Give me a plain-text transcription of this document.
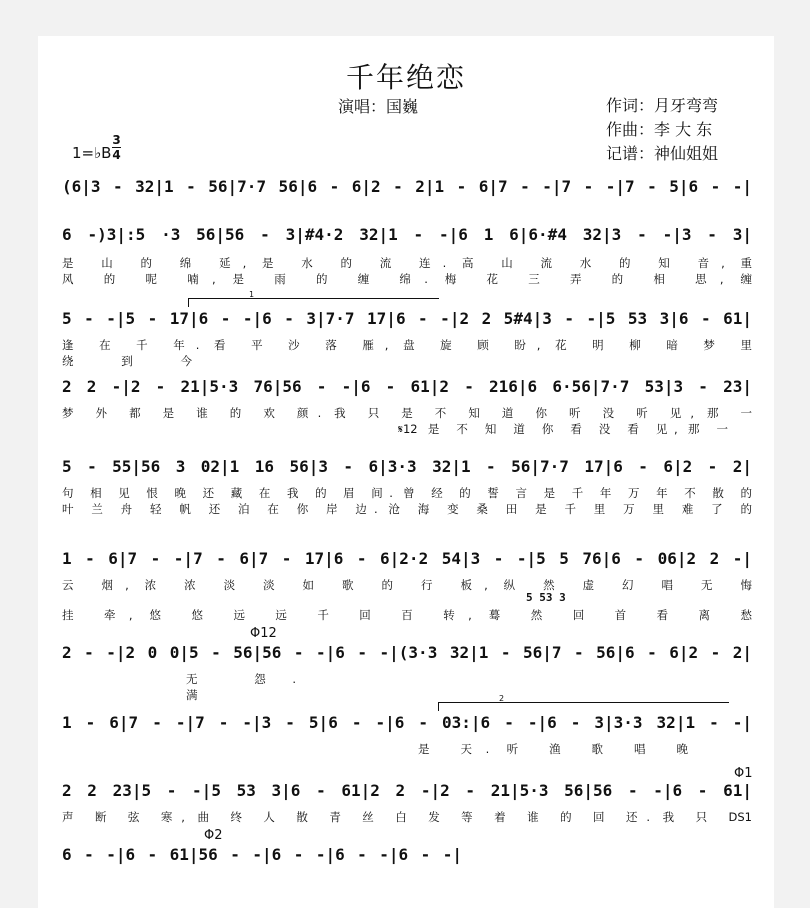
千年绝恋
演唱：国巍	作词：月牙弯弯
作曲：李 大 东
记谱：神仙姐姐
1=♭B
3
4
(6|3 - 32|1 - 56|7·7 56|6 - 6|2 - 2|1 - 6|7 - -|7 - -|7 - 5|6 - -|
6 -)3|:5 ·3 56|56 - 3|#4·2 32|1 - -|6 1 6|6·#4 32|3 - -|3 - 3|
是 山 的 绵 延, 是 水 的 流 连. 高 山 流 水 的 知 音, 重
风 的 呢 喃, 是 雨 的 缠 绵. 梅 花 三 弄 的 相 思, 缠
1
5 - -|5 - 17|6 - -|6 - 3|7·7 17|6 - -|2 2 5#4|3 - -|5 53 3|6 - 61|
逢 在 千 年. 看 平 沙 落 雁, 盘 旋 顾 盼, 花 明 柳 暗 梦 里
绕 到 今
2 2 -|2 - 21|5·3 76|56 - -|6 - 61|2 - 216|6 6·56|7·7 53|3 - 23|
梦 外 都 是 谁 的 欢 颜. 我 只 是 不 知 道 你 听 没 听 见, 那 一
𝄋12 是 不 知 道 你 看 没 看 见, 那 一
5 - 55|56 3 02|1 16 56|3 - 6|3·3 32|1 - 56|7·7 17|6 - 6|2 - 2|
句 相 见 恨 晚 还 藏 在 我 的 眉 间. 曾 经 的 誓 言 是 千 年 万 年 不 散 的
叶 兰 舟 轻 帆 还 泊 在 你 岸 边. 沧 海 变 桑 田 是 千 里 万 里 难 了 的
1 - 6|7 - -|7 - 6|7 - 17|6 - 6|2·2 54|3 - -|5 5 76|6 - 06|2 2 -|
云 烟, 浓 浓 淡 淡 如 歌 的 行 板, 纵 然 虚 幻 唱 无 悔
5 53 3
挂 牵, 悠 悠 远 远 千 回 百 转, 蓦 然 回 首 看 离 愁
Φ12
2 - -|2 0 0|5 - 56|56 - -|6 - -|(3·3 32|1 - 56|7 - 56|6 - 6|2 - 2|
无 怨.
满	2
1 - 6|7 - -|7 - -|3 - 5|6 - -|6 - 03:|6 - -|6 - 3|3·3 32|1 - -|
是 天. 听 渔 歌 唱 晚
Φ1
2 2 23|5 - -|5 53 3|6 - 61|2 2 -|2 - 21|5·3 56|56 - -|6 - 61|
声 断 弦 寒, 曲 终 人 散 青 丝 白 发 等 着 谁 的 回 还. 我 只 DS1
Φ2
6 - -|6 - 61|56 - -|6 - -|6 - -|6 - -|
